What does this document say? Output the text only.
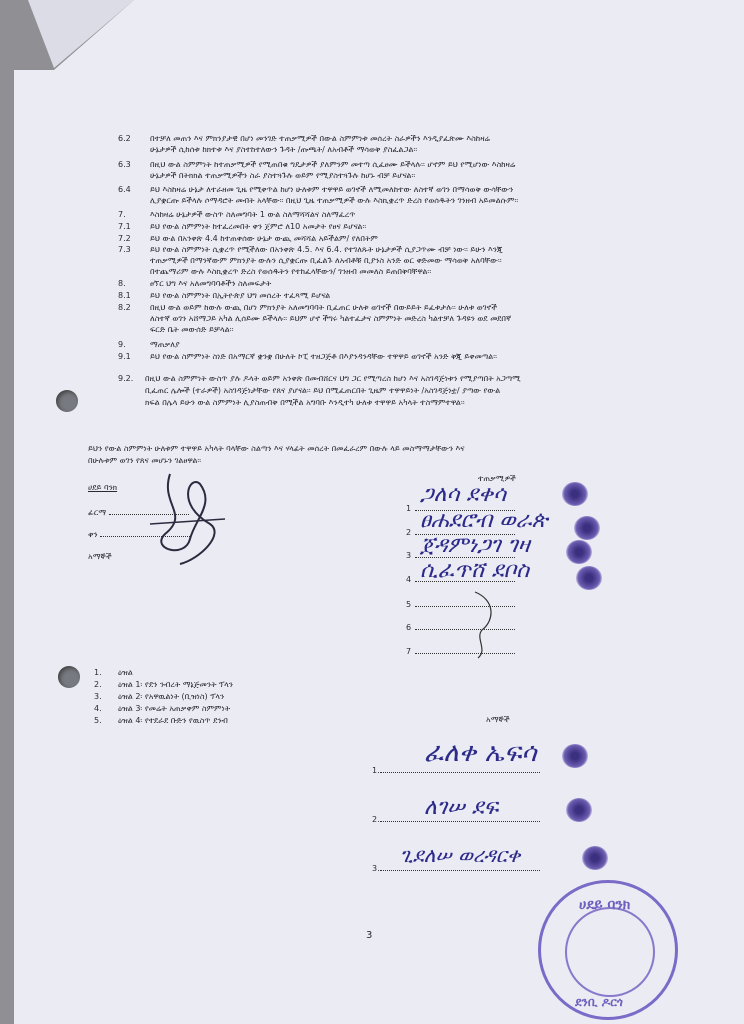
6.2 በተቻለ መጠን እና ምክንያታዊ በሆነ መንገድ ተጠቃሚዎች በውል ስምምነቱ መሰረት ስራዎችን እንዲያፈጽሙ እስከዛሬ
ሁኔታዎች ሲከሰቱ ከክተቱ እና ያስተከተለውን ጉዳት /ጡጫት/ ለአብቶች ማሳወቅ ያስፈልጋል፡፡
6.3 በዚህ ውል ስምምነት ከተጠቃሚዎች የሚጠበቁ ግዴታዎች ያለምንም መተጣ ሲፈፀሙ ይችላሉ፡፡ ሆኖም ይህ የሚሆነው እስከዛሬ
ሁኔታዎች በትክክል ተጠቃሚዎችን ስራ ያስተጓጉሉ ወይም የሚያስተጓጉሉ ከሆኑ ብቻ ይሆናል፡፡
6.4 ይህ እስከዛሬ ሁኔታ ለተራዘመ ጊዜ የሚቀጥል ከሆነ ሁለቱም ተዋዋይ ወገኖች ለሚመለከተው ለስተኛ ወገን በማሳወቅ ውሳቸውን
ሊያቋርጡ ይችላሉ ሶማዳሮት መብት አላቸው፡፡ በዚህ ጊዜ ተጠቃሚዎች ውሉ እስኪቋረጥ ድረስ የወሰዱትን ገንዘብ አይመልሱም፡፡
7.	እስከዛሬ ሁኔታዎች ውስጥ ስለመግባት 1 ውል ስለማሻሻልና ስለማፈረጥ
7.1 ይህ የውል ስምምነት ከተፈረመበት ቀን ጀምሮ ለ10 አመታት የፀና ይሆናል፡፡
7.2 ይህ ውል በአንቀጽ 4.4 ከተጠቀሰው ሁኔታ ውጪ መሻሻል አይችልም/ የለበትም
7.3 ይህ የውል ስምምነት ሲቋረጥ የሚችለው በአንቀጽ 4.5. እና 6.4. የተገለጹት ሁኔታዎች ሲያጋጥሙ ብቻ ነው፡፡ ይሁን እንጂ
ተጠቃሚዎች በማንኛውም ምክንያት ውሉን ሲያቋርጡ ቢፈልጉ ለአብቶቹ ቢያንስ አንድ ወር ቀድመው ማሳወቅ አለባቸው፡፡
በተጨማሪም ውሉ እስኪቋረጥ ድረስ የወሰዱትን የተከፈላቸውን/ ገንዘብ መመለስ ይጠበቅባቸዋል፡፡
8.	ፀኘር ህግ እና አለመግባባቶችን ስለመፍታት
8.1 ይህ የውል ስምምነት በኢትዮጵያ ህግ መሰረት ተፈጻሚ ይሆናል
8.2 በዚህ ውል ወይም ከውሉ ውጪ በሆነ ምክንያት አለመግባባት ቢፈጠር ሁለቱ ወገኖች በውይይት ይፈቱታሉ፡፡ ሁለቱ ወገኖች
ለስተኛ ወገን አሸማጋይ አካል ሊሰይሙ ይችላሉ፡፡ ይህም ሆኖ ችግሩ ካልተፈታና ስምምነት መድረስ ካልተቻለ ጉዳዩን ወደ መደበኛ
ፍርድ ቤት መውሰድ ይቻላል፡፡
9.	ማጠቃለያ
9.1 ይህ የውል ስምምነት ስነድ በአማርኛ ቋንቋ በሁለት ኮፒ ተዘጋጅቶ በእያንዳንዳቸው ተዋዋይ ወገኖች አንድ ቅጂ ይቀመጣል፡፡
9.2. በዚህ ውል ስምምነት ውስጥ ያሉ ዶላት ወይም አንቀጽ በመብሸርና ህግ ጋር የሚጣረስ ከሆነ እና አስገዳጅነቱን የሚያጣበት አጋጣሚ
ቢፈጠር ሌሎች (ተራዎች) አስገዳጅነታቸው የጸና ያሆናል፡፡ ይህ በሚፈጠርበት ጊዜም ተዋዋይነት /አስገዳጅነቷ/ ያጣው የውል
ክፍል በሌላ ይሁን ውል ስምምነት ሊያስጠብቅ በሚችል አግባቡ እንዲተካ ሁለቱ ተዋዋይ አካላት ተስማምተዋል፡፡
ይህን የውል ስምምነት ሁለቱም ተዋዋይ አካላት ባላቸው ስልጣን እና ሃላፊት መሰረት በመፈራረም በውሉ ላይ መስማማታቸውን እና
በሁሉቱም ወገን የጸና መሆኑን ገልፀዋል፡፡
ሀደይ ባንክ
ፊርማ
ቀን
አማኞች
ተጠቃሚዎች
1
2
3
4
5
6
7
ጋለሳ ደቀሳ
ፀሐደሮብ ወራጵ
ጀዳምነጋገ ገዛ
ሲፈጥሸ ደቦስ
1. ዕዝል
2. ዕዝል 1፡ የደን ንብረት ማኔጅመንት ፕላን
3. ዕዝል 2፡ የአዋዉልነት (ቢዝነስ) ፕላን
4. ዕዝል 3፡ የመሬት አጠቃቀም ስምምነት
5. ዕዝል 4፡ የተደራደ ቡድን የዉስጥ ደንብ	አማኞች
1.
2.
3.
ፈለቀ ኤፍሳ
ለገሠ ደፍ
ጊደለሠ ወረዳርቀ
3
ሀደይ ባንክ
ደንቢ ዶርጎ
